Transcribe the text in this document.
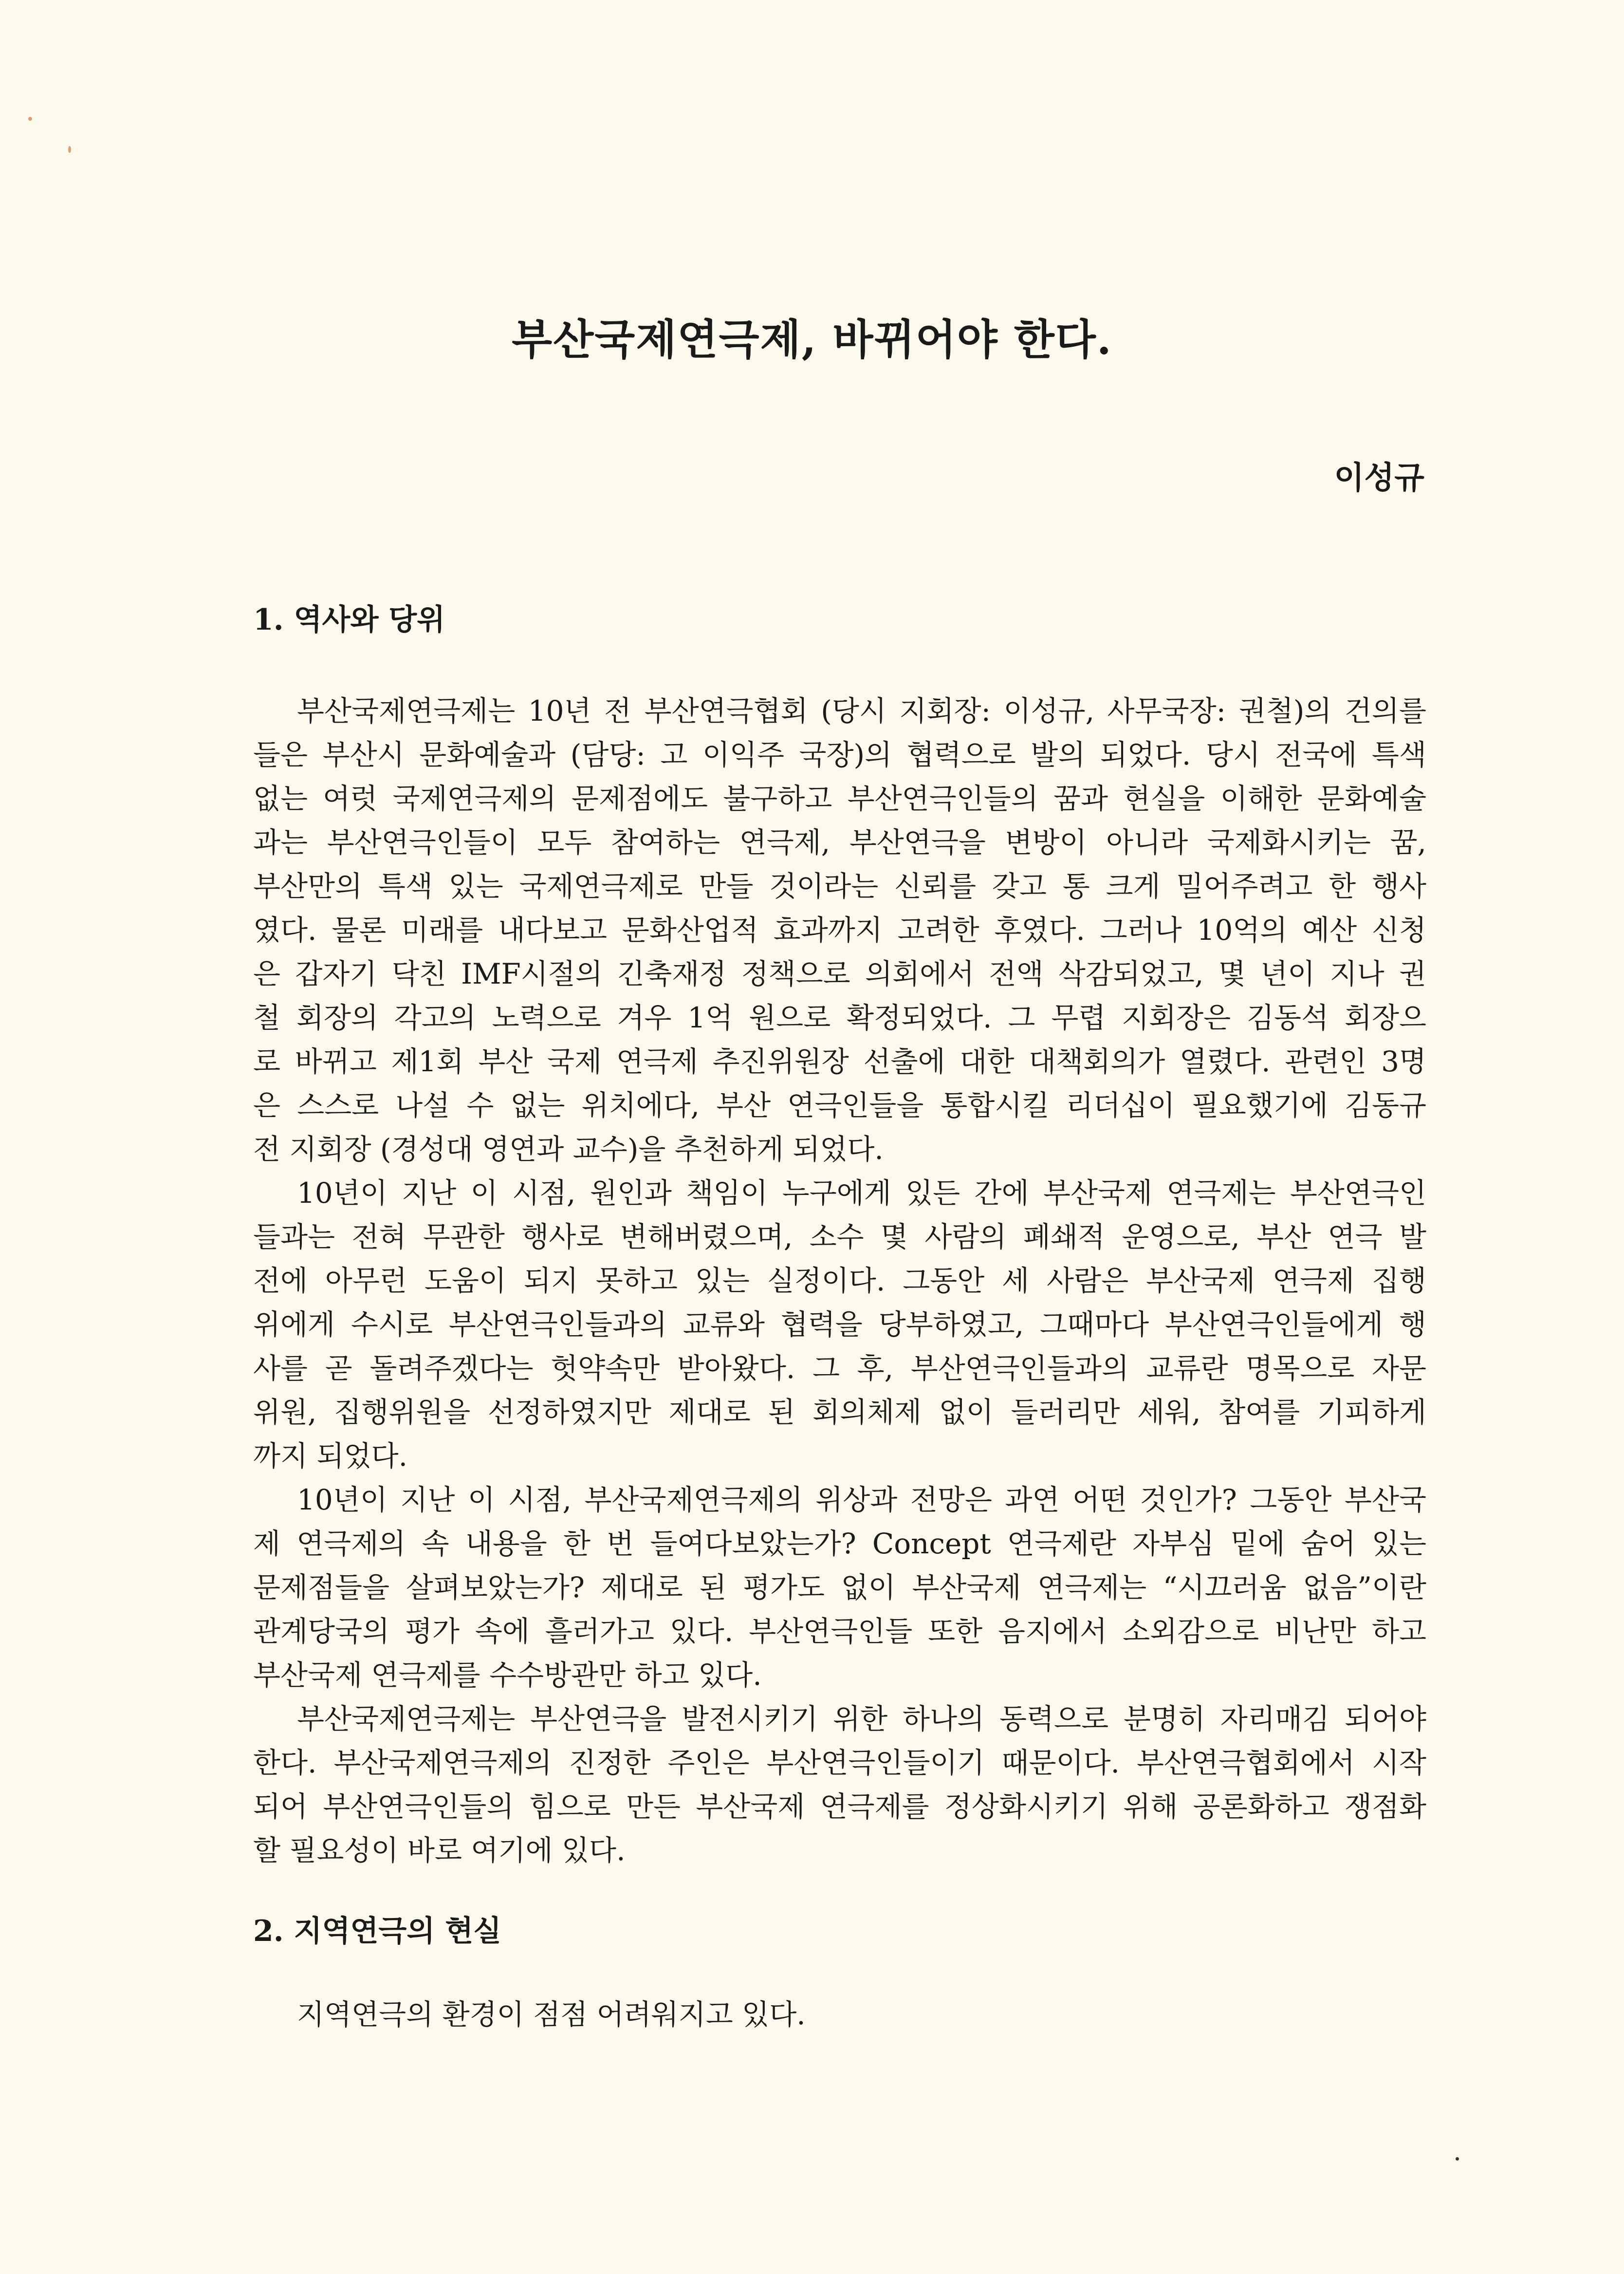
부산국제연극제, 바뀌어야 한다.
이성규
1. 역사와 당위
부산국제연극제는 10년 전 부산연극협회 (당시 지회장: 이성규, 사무국장: 권철)의 건의를
들은 부산시 문화예술과 (담당: 고 이익주 국장)의 협력으로 발의 되었다. 당시 전국에 특색
없는 여럿 국제연극제의 문제점에도 불구하고 부산연극인들의 꿈과 현실을 이해한 문화예술
과는 부산연극인들이 모두 참여하는 연극제, 부산연극을 변방이 아니라 국제화시키는 꿈,
부산만의 특색 있는 국제연극제로 만들 것이라는 신뢰를 갖고 통 크게 밀어주려고 한 행사
였다. 물론 미래를 내다보고 문화산업적 효과까지 고려한 후였다. 그러나 10억의 예산 신청
은 갑자기 닥친 IMF시절의 긴축재정 정책으로 의회에서 전액 삭감되었고, 몇 년이 지나 권
철 회장의 각고의 노력으로 겨우 1억 원으로 확정되었다. 그 무렵 지회장은 김동석 회장으
로 바뀌고 제1회 부산 국제 연극제 추진위원장 선출에 대한 대책회의가 열렸다. 관련인 3명
은 스스로 나설 수 없는 위치에다, 부산 연극인들을 통합시킬 리더십이 필요했기에 김동규
전 지회장 (경성대 영연과 교수)을 추천하게 되었다.
10년이 지난 이 시점, 원인과 책임이 누구에게 있든 간에 부산국제 연극제는 부산연극인
들과는 전혀 무관한 행사로 변해버렸으며, 소수 몇 사람의 폐쇄적 운영으로, 부산 연극 발
전에 아무런 도움이 되지 못하고 있는 실정이다. 그동안 세 사람은 부산국제 연극제 집행
위에게 수시로 부산연극인들과의 교류와 협력을 당부하였고, 그때마다 부산연극인들에게 행
사를 곧 돌려주겠다는 헛약속만 받아왔다. 그 후, 부산연극인들과의 교류란 명목으로 자문
위원, 집행위원을 선정하였지만 제대로 된 회의체제 없이 들러리만 세워, 참여를 기피하게
까지 되었다.
10년이 지난 이 시점, 부산국제연극제의 위상과 전망은 과연 어떤 것인가? 그동안 부산국
제 연극제의 속 내용을 한 번 들여다보았는가? Concept 연극제란 자부심 밑에 숨어 있는
문제점들을 살펴보았는가? 제대로 된 평가도 없이 부산국제 연극제는 “시끄러움 없음”이란
관계당국의 평가 속에 흘러가고 있다. 부산연극인들 또한 음지에서 소외감으로 비난만 하고
부산국제 연극제를 수수방관만 하고 있다.
부산국제연극제는 부산연극을 발전시키기 위한 하나의 동력으로 분명히 자리매김 되어야
한다. 부산국제연극제의 진정한 주인은 부산연극인들이기 때문이다. 부산연극협회에서 시작
되어 부산연극인들의 힘으로 만든 부산국제 연극제를 정상화시키기 위해 공론화하고 쟁점화
할 필요성이 바로 여기에 있다.
2. 지역연극의 현실
지역연극의 환경이 점점 어려워지고 있다.
